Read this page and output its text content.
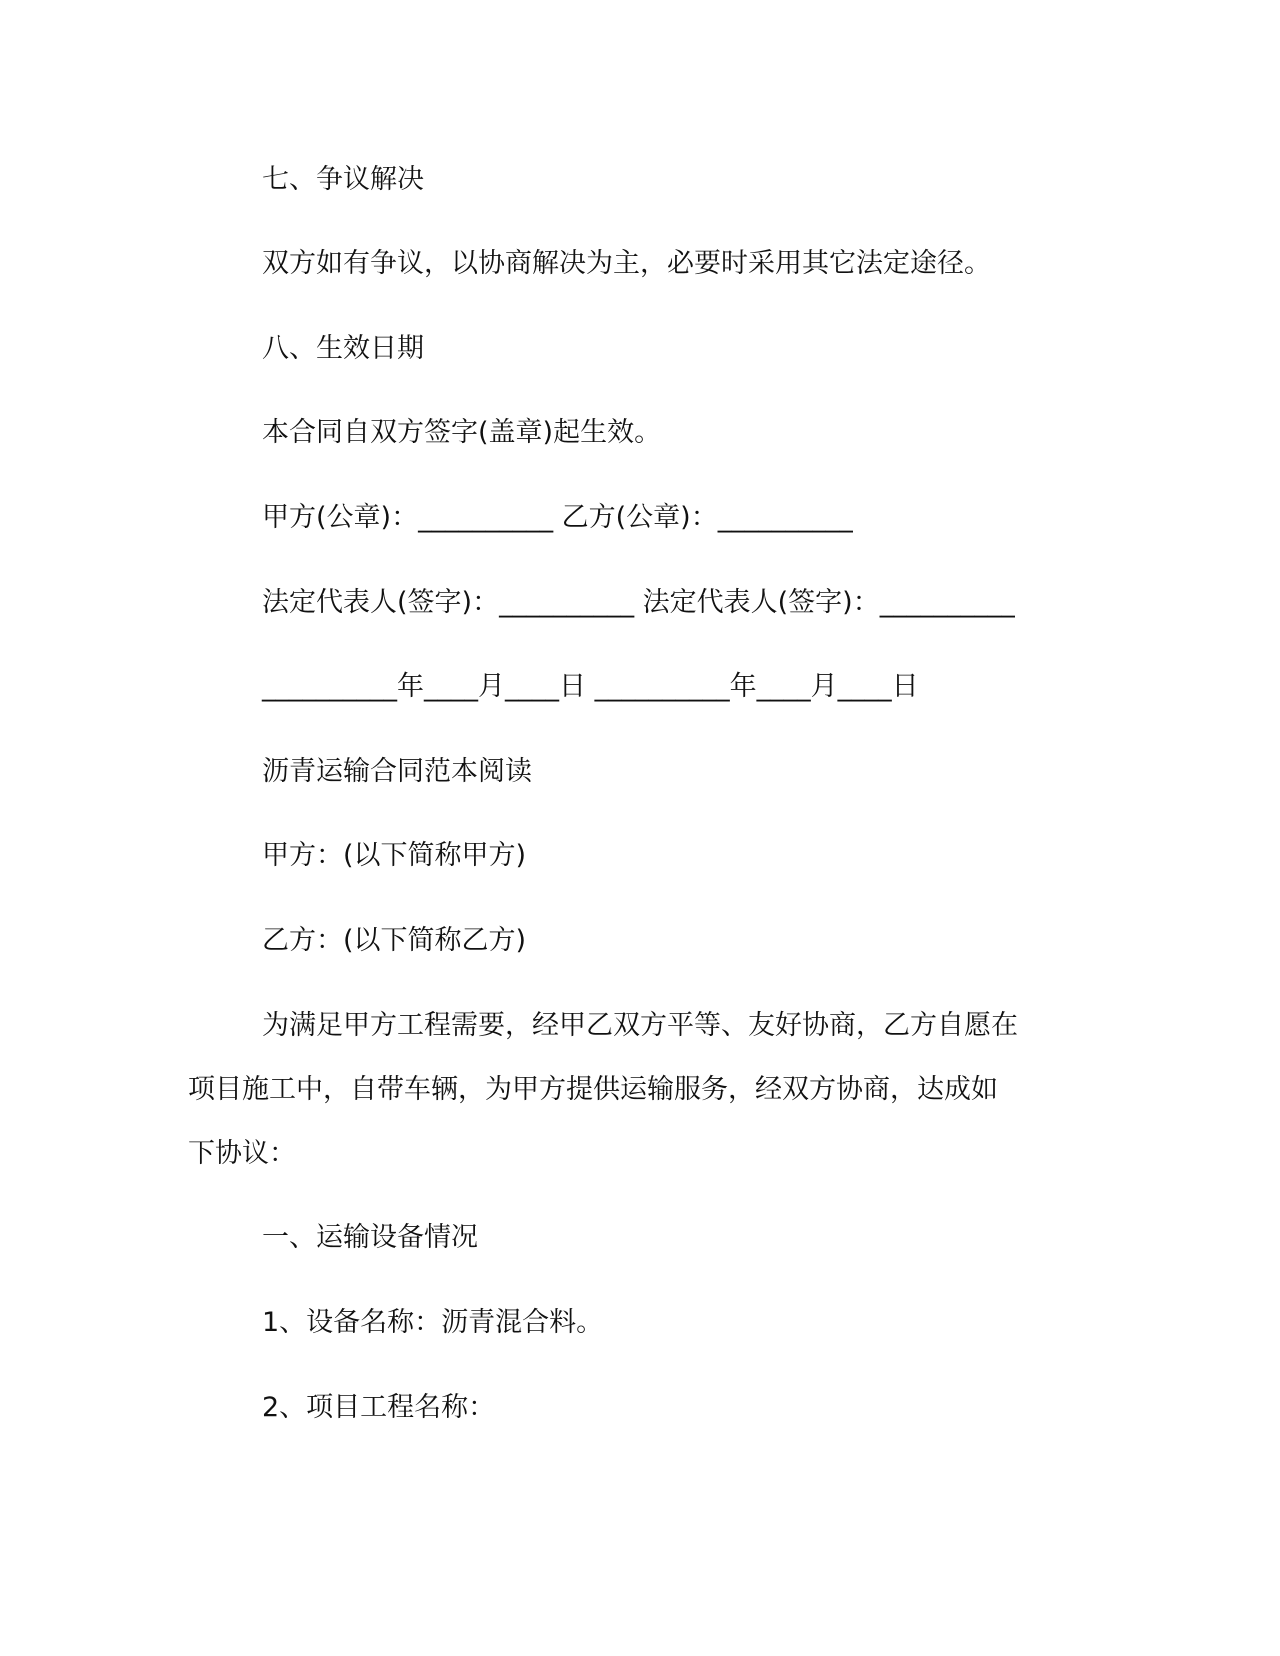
七、争议解决

双方如有争议，以协商解决为主，必要时采用其它法定途径。

八、生效日期

本合同自双方签字(盖章)起生效。

甲方(公章)：__________ 乙方(公章)：__________

法定代表人(签字)：__________ 法定代表人(签字)：__________

__________年____月____日 __________年____月____日

沥青运输合同范本阅读

甲方：(以下简称甲方)

乙方：(以下简称乙方)

为满足甲方工程需要，经甲乙双方平等、友好协商，乙方自愿在

项目施工中，自带车辆，为甲方提供运输服务，经双方协商，达成如

下协议：

一、运输设备情况

1、设备名称：沥青混合料。

2、项目工程名称：
